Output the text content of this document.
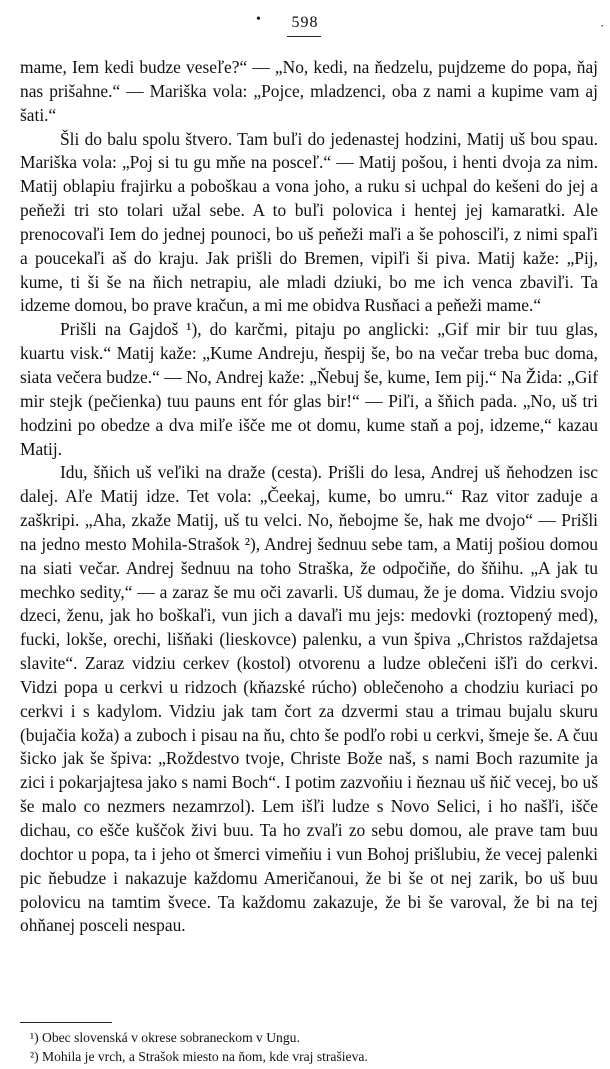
•	598	·

mame, Iem kedi budze veseľe?“ — „No, kedi, na ňedzelu, pujdzeme do popa, ňaj nas prišahne.“ — Mariška vola: „Pojce, mladzenci, oba z nami a kupime vam aj šati.“

Šli do balu spolu štvero. Tam buľi do jedenastej hodzini, Matij uš bou spau. Mariška vola: „Poj si tu gu mňe na posceľ.“ — Matij pošou, i henti dvoja za nim. Matij oblapiu frajirku a poboškau a vona joho, a ruku si uchpal do kešeni do jej a peňeži tri sto tolari užal sebe. A to buľi polovica i hentej jej kamaratki. Ale prenocovaľi Iem do jednej pounoci, bo uš peňeži maľi a še pohosciľi, z nimi spaľi a poucekaľi aš do kraju. Jak prišli do Bremen, vipiľi ši piva. Matij kaže: „Pij, kume, ti ši še na ňich netrapiu, ale mladi dziuki, bo me ich venca zbaviľi. Ta idzeme domou, bo prave kračun, a mi me obidva Rusňaci a peňeži mame.“

Prišli na Gajdoš ¹), do karčmi, pitaju po anglicki: „Gif mir bir tuu glas, kuartu visk.“ Matij kaže: „Kume Andreju, ňespij še, bo na večar treba buc doma, siata večera budze.“ — No, Andrej kaže: „Ňebuj še, kume, Iem pij.“ Na Žida: „Gif mir stejk (pečienka) tuu pauns ent fór glas bir!“ — Piľi, a šňich pada. „No, uš tri hodzini po obedze a dva miľe išče me ot domu, kume staň a poj, idzeme,“ kazau Matij.

Idu, šňich uš veľiki na draže (cesta). Prišli do lesa, Andrej uš ňehodzen isc dalej. Aľe Matij idze. Tet vola: „Čeekaj, kume, bo umru.“ Raz vitor zaduje a zaškripi. „Aha, zkaže Matij, uš tu velci. No, ňebojme še, hak me dvojo“ — Prišli na jedno mesto Mohila-Strašok ²), Andrej šednuu sebe tam, a Matij pošiou domou na siati večar. Andrej šednuu na toho Straška, že odpočiňe, do šňihu. „A jak tu mechko sedity,“ — a zaraz še mu oči zavarli. Uš dumau, že je doma. Vidziu svojo dzeci, ženu, jak ho boškaľi, vun jich a davaľi mu jejs: medovki (roztopený med), fucki, lokše, orechi, lišňaki (lieskovce) palenku, a vun špiva „Christos raždajetsa slavite“. Zaraz vidziu cerkev (kostol) otvorenu a ludze oblečeni išľi do cerkvi. Vidzi popa u cerkvi u ridzoch (kňazské rúcho) oblečenoho a chodziu kuriaci po cerkvi i s kadylom. Vidziu jak tam čort za dzvermi stau a trimau bujalu skuru (bujačia koža) a zuboch i pisau na ňu, chto še podľo robi u cerkvi, šmeje še. A čuu šicko jak še špiva: „Roždestvo tvoje, Christe Bože naš, s nami Boch razumite ja zici i pokarjajtesa jako s nami Boch“. I potim zazvoňiu i ňeznau uš ňič vecej, bo uš še malo co nezmers nezamrzol). Lem išľi ludze s Novo Selici, i ho našľi, išče dichau, co ešče kuščok živi buu. Ta ho zvaľi zo sebu domou, ale prave tam buu dochtor u popa, ta i jeho ot šmerci vimeňiu i vun Bohoj prišlubiu, že vecej palenki pic ňebudze i nakazuje každomu Američanoui, že bi še ot nej zarik, bo uš buu polovicu na tamtim švece. Ta každomu zakazuje, že bi še varoval, že bi na tej ohňanej posceli nespau.

¹) Obec slovenská v okrese sobraneckom v Ungu.

²) Mohila je vrch, a Strašok miesto na ňom, kde vraj strašieva.
